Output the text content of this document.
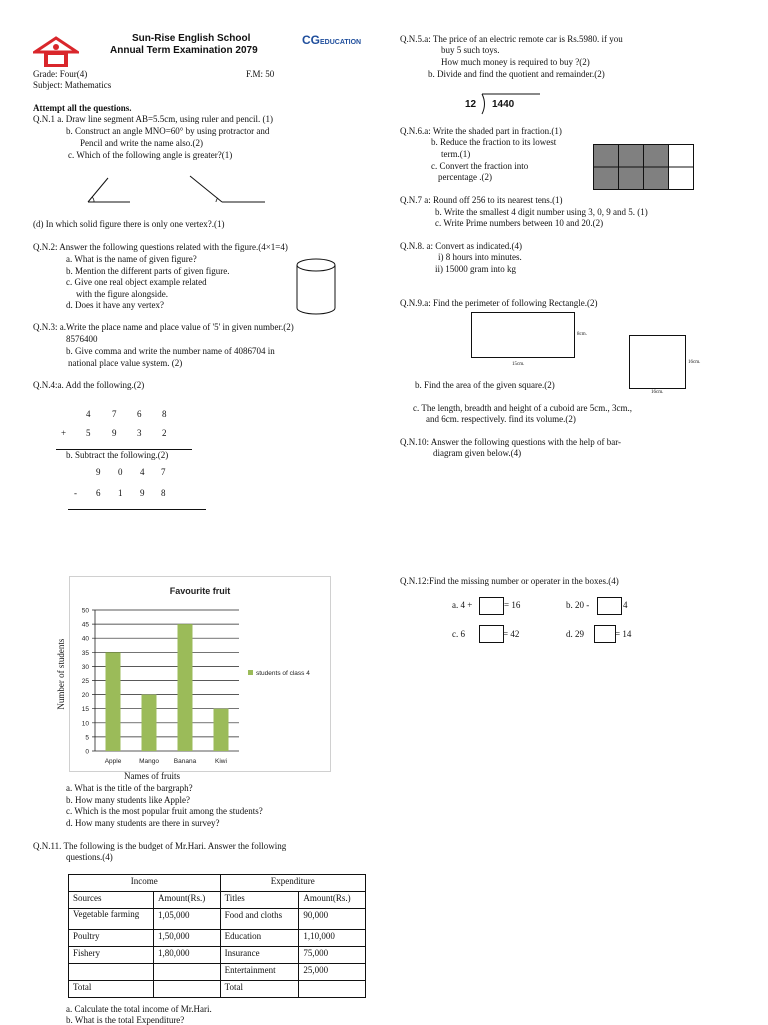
Sun-Rise English School
Annual Term Examination 2079
CGEDUCATION
Grade: Four(4)	F.M: 50
Subject: Mathematics
Attempt all the questions.
Q.N.1 a. Draw line segment AB=5.5cm, using ruler and pencil. (1)
b. Construct an angle MNO=60° by using protractor and
Pencil and write the name also.(2)
c. Which of the following angle is greater?(1)
(d) In which solid figure there is only one vertex?.(1)
Q.N.2: Answer the following questions related with the figure.(4×1=4)
a. What is the name of given figure?
b. Mention the different parts of given figure.
c. Give one real object example related
with the figure alongside.
d. Does it have any vertex?
Q.N.3: a.Write the place name and place value of '5' in given number.(2)
8576400
b. Give comma and write the number name of 4086704 in
national place value system. (2)
Q.N.4:a. Add the following.(2)
4 7 6 8
+ 5 9 3 2
b. Subtract the following.(2)
9 0 4 7
- 6 1 9 8
Favourite fruit
0
5
10
15
20
25
30
35
40
45
50
Apple	Mango Banana	Kiwi
students of class 4
Number of students
Names of fruits
a. What is the title of the bargraph?
b. How many students like Apple?
c. Which is the most popular fruit among the students?
d. How many students are there in survey?
Q.N.11. The following is the budget of Mr.Hari. Answer the following
questions.(4)
Income		Expenditure	
Sources	Amount(Rs.)	Titles	Amount(Rs.)
Vegetable farming	1,05,000	Food and cloths	90,000
Poultry	1,50,000	Education	1,10,000
Fishery	1,80,000	Insurance	75,000
		Entertainment	25,000
Total		Total	
a. Calculate the total income of Mr.Hari.
b. What is the total Expenditure?
Q.N.5.a: The price of an electric remote car is Rs.5980. if you
buy 5 such toys.
How much money is required to buy ?(2)
b. Divide and find the quotient and remainder.(2)
12 1440
Q.N.6.a: Write the shaded part in fraction.(1)
b. Reduce the fraction to its lowest
term.(1)
c. Convert the fraction into
percentage .(2)
Q.N.7 a: Round off 256 to its nearest tens.(1)
b. Write the smallest 4 digit number using 3, 0, 9 and 5. (1)
c. Write Prime numbers between 10 and 20.(2)
Q.N.8. a: Convert as indicated.(4)
i) 8 hours into minutes.
ii) 15000 gram into kg
Q.N.9.a: Find the perimeter of following Rectangle.(2)
8cm.
15cm.	16cm.
16cm.
b. Find the area of the given square.(2)
c. The length, breadth and height of a cuboid are 5cm., 3cm.,
and 6cm. respectively. find its volume.(2)
Q.N.10: Answer the following questions with the help of bar-
diagram given below.(4)
Q.N.12:Find the missing number or operater in the boxes.(4)
a. 4 +	= 16	b. 20 -	4
c. 6	= 42	d. 29	= 14
